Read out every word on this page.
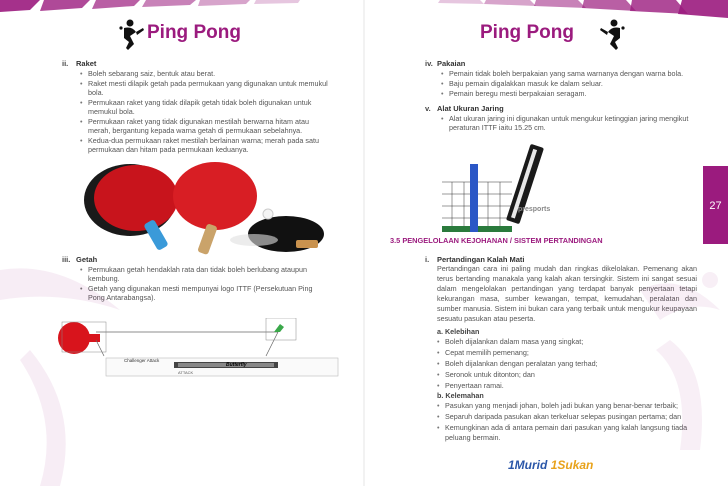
Ping Pong
ii. Raket
• Boleh sebarang saiz, bentuk atau berat.
• Raket mesti dilapik getah pada permukaan yang digunakan untuk memukul bola.
• Permukaan raket yang tidak dilapik getah tidak boleh digunakan untuk memukul bola.
• Permukaan raket yang tidak digunakan mestilah berwarna hitam atau merah, bergantung kepada warna getah di permukaan sebelahnya.
• Kedua-dua permukaan raket mestilah berlainan warna; merah pada satu permukaan dan hitam pada permukaan keduanya.
iii. Getah
• Permukaan getah hendaklah rata dan tidak boleh berlubang ataupun kembung.
• Getah yang digunakan mesti mempunyai logo ITTF (Persekutuan Ping Pong Antarabangsa).
Challenger Attack
Butterfly
ATTACK
Ping Pong
iv. Pakaian
• Pemain tidak boleh berpakaian yang sama warnanya dengan warna bola.
• Baju pemain digalakkan masuk ke dalam seluar.
• Pemain beregu mesti berpakaian seragam.
v. Alat Ukuran Jaring
• Alat ukuran jaring ini digunakan untuk mengukur ketinggian jaring mengikut peraturan ITTF iaitu 15.25 cm.
presports	27
3.5 PENGELOLAAN KEJOHANAN / SISTEM PERTANDINGAN
i. Pertandingan Kalah Mati
Pertandingan cara ini paling mudah dan ringkas dikelolakan. Pemenang akan terus bertanding manakala yang kalah akan tersingkir. Sistem ini sangat sesuai dalam mengelolakan pertandingan yang terdapat banyak penyertaan tetapi kekurangan masa, sumber kewangan, tempat, kemudahan, peralatan dan sumber manusia. Sistem ini bukan cara yang terbaik untuk mengukur keupayaan sesuatu pasukan atau peserta.
a. Kelebihan
• Boleh dijalankan dalam masa yang singkat;
• Cepat memilih pemenang;
• Boleh dijalankan dengan peralatan yang terhad;
• Seronok untuk ditonton; dan
• Penyertaan ramai.
b. Kelemahan
• Pasukan yang menjadi johan, boleh jadi bukan yang benar-benar terbaik;
• Separuh daripada pasukan akan terkeluar selepas pusingan pertama; dan
• Kemungkinan ada di antara pemain dari pasukan yang kalah langsung tiada peluang bermain.
1Murid 1Sukan
